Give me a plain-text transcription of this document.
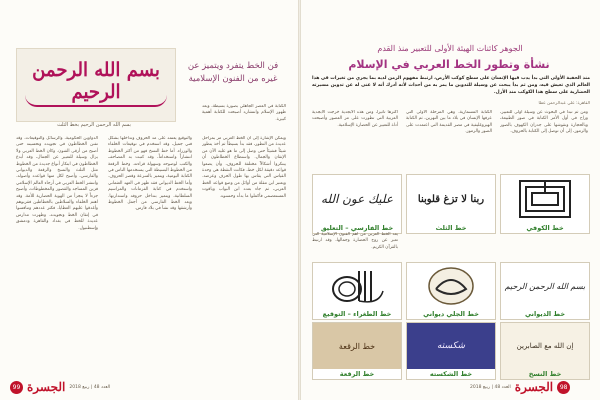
بسم الله الرحمن الرحيم
بسم الله الرحمن الرحيم بخط الثلث
فن الخط يتفرد ويتميز عن غيره من الفنون الإسلامية
الكتابة في العصر الجاهلي بصورة بسيطة، وبعد ظهور الإسلام وانتشاره أصبحت للكتابة أهمية كبيرة.
ويمكن الإشارة إلى أن الخط العربي مر بمراحل عديدة من التطور، فقد بدأ بسيطاً ثم أخذ يتطور شيئاً فشيئاً حتى وصل إلى ما هو عليه الآن من الإتقان والجمال. واستطاع الخطاطون أن يبتكروا أشكالاً مختلفة للحروف، وأن يضعوا قواعد دقيقة لكل خط، فكانت النقطة هي وحدة القياس التي يقاس بها طول الحرف وعرضه. ويعتبر ابن مقلة من أوائل من وضع قواعد الخط العربي، ثم جاء بعده ابن البواب وياقوت المستعصمي فأكملوا ما بدأه وحسنوه.
والتوقيع يعتمد على مد الحروف وتداخلها بشكل فني جميل، وقد استخدم في توقيعات الخلفاء والوزراء. أما خط النسخ فهو من أكثر الخطوط انتشاراً واستخداماً، وقد كتبت به المصاحف والكتب لوضوحه وسهولة قراءته. وخط الرقعة من الخطوط البسيطة التي يستخدمها الناس في الكتابة اليومية، ويتميز بالسرعة وقصر الحروف. وأما الخط الديواني فقد ظهر في العهد العثماني واستخدم في كتابة الفرمانات والمراسيم السلطانية، ويتميز بتداخل حروفه واستدارتها. ويعد الخط الفارسي من أجمل الخطوط وأرشقها وقد نشأ في بلاد فارس.
الدواوين الحكومية، والرسائل والتوقيعات، وقد تفنن الخطاطون في تجويده وتحسينه حتى أصبح من أرقى الفنون. وكان الخط العربي ولا يزال وسيلة للتعبير عن الجمال، وقد أبدع الخطاطون في ابتكار أنواع جديدة من الخطوط مثل الثلث والنسخ والرقعة والديواني والفارسي، وأصبح لكل منها قواعده وأصوله. وانتشر الخط العربي في أرجاء العالم الإسلامي فزين المساجد والقصور والمخطوطات، وأصبح جزءاً لا يتجزأ من الهوية الحضارية للأمة. وقد اهتم الخلفاء والسلاطين بالخطاطين فقربوهم وأغدقوا عليهم العطايا، فكثر عددهم وتنافسوا في إتقان الخط وتجويده، وظهرت مدارس عديدة للخط في بغداد والقاهرة ودمشق وإسطنبول.
99 الجسرة العدد 48 | ربيع 2018
الجوهر كائنات الهيئة الأولى للتعبير منذ القدم
نشأة وتطور الخط العربي في الإسلام
منذ الحقبة الأولى التي بدأ يدب فيها الإنسان على سطح كوكب الأرض، ارتبط مفهوم الزمن لديه بما يجري من تغيرات في هذا العالم الذي تعيش فيه، ومن ثم بدأ يبحث عن وسيلة للتدوين ما يمر به من أحداث لأنه أدرك أنه لا غنى له عن تدوين مسيرته الحضارية على سطح هذا الكوكب منذ الأزل.
القاهرة: علي عبدالرحمن عطا
ومن ثم تبدأ في البحوث عن وسيلة أولى للتعبير، وراح في أول الأمر الكتابة في صور الطبيعة، وبالحجارة ونقوشها على جدران الكهوف بالصور والرموز، إلى أن توصل إلى الكتابة بالحروف.
الكتابة المسمارية، وهي المرحلة الأولى التي عرفها الإنسان في بلاد ما بين النهرين، ثم الكتابة الهيروغليفية في مصر القديمة التي اعتمدت على الصور والرموز.
أكثرها تأثيراً، ومن هذه الأبجدية خرجت الأبجدية العربية التي تطورت على مر العصور وأصبحت أداة للتعبير عن الحضارة الإسلامية.
خط الكوفي
ربنا لا تزغ قلوبنا
خط الثلث
عليك عون الله
خط الفارسي – التعليق
يعد الخط العربي من أهم الفنون الإسلامية التي تعبر عن روح الحضارة وجمالها، وقد ارتبط بالقرآن الكريم.
بسم الله الرحمن الرحيم
خط الديواني
خط الجلي ديواني
خط الطغراء – التوقيع
إن الله مع الصابرين
خط النسخ
شكسته
خط الشكسته
خط الرقعة
خط الرقعة
العدد 48 | ربيع 2018 الجسرة	98
